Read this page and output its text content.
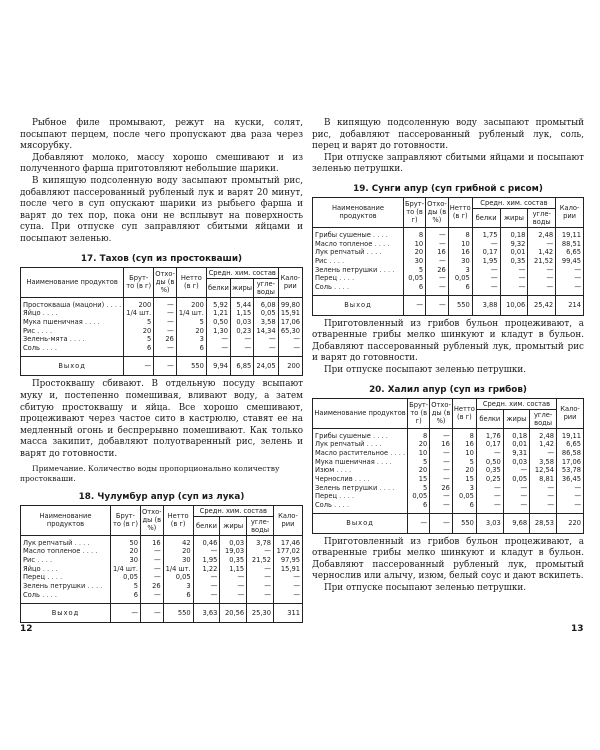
Рыбное филе промывают, режут на куски, солят, посыпают перцем, после чего пропускают два раза через мясорубку.

Добавляют молоко, массу хорошо смешивают и из полученного фарша приготовляют небольшие шарики.

В кипящую подсоленную воду засыпают промытый рис, добавляют пассерованный рубленый лук и варят 20 минут, после чего в суп опускают шарики из рыбьего фарша и варят до тех пор, пока они не всплывут на поверхность супа. При отпуске суп заправляют сбитыми яйцами и посыпают зеленью.

17. Тахов (суп из простокваши)
Наименование продуктов	Брут-то (в г)	Отхо-ды (в %)	Нетто (в г)	Средн. хим. состав			Кало-рии
				белки	жиры	угле-воды	
Простокваша (мацони) . . . .	200	—	200	5,92	5,44	6,08	99,80
Яйцо . . . .	1/4 шт.	—	1/4 шт.	1,21	1,15	0,05	15,91
Мука пшеничная . . . .	5	—	5	0,50	0,03	3,58	17,06
Рис . . . .	20	—	20	1,30	0,23	14,34	65,30
Зелень-мята . . . .	5	26	3	—	—	—	—
Соль . . . .	6	—	6	—	—	—	—
Выход	—	—	550	9,94	6,85	24,05	200

Простоквашу сбивают. В отдельную посуду всыпают муку и, постепенно помешивая, вливают воду, а затем сбитую простоквашу и яйца. Все хорошо смешивают, процеживают через частое сито в кастрюлю, ставят ее на медленный огонь и беспрерывно помешивают. Как только масса закипит, добавляют полуотваренный рис, зелень и варят до готовности.

Примечание. Количество воды пропорционально количеству простокваши.

18. Чулумбур апур (суп из лука)
Наименование продуктов	Брут-то (в г)	Отхо-ды (в %)	Нетто (в г)	Средн. хим. состав			Кало-рии
				белки	жиры	угле-воды	
Лук репчатый . . . .	50	16	42	0,46	0,03	3,78	17,46
Масло топленое . . . .	20	—	20	—	19,03	—	177,02
Рис . . . .	30	—	30	1,95	0,35	21,52	97,95
Яйцо . . . .	1/4 шт.	—	1/4 шт.	1,22	1,15	—	15,91
Перец . . . .	0,05	—	0,05	—	—	—	—
Зелень петрушки . . . .	5	26	3	—	—	—	—
Соль . . . .	6	—	6	—	—	—	—
Выход	—	—	550	3,63	20,56	25,30	311

В кипящую подсоленную воду засыпают промытый рис, добавляют пассерованный рубленый лук, соль, перец и варят до готовности.

При отпуске заправляют сбитыми яйцами и посыпают зеленью петрушки.

19. Сунги апур (суп грибной с рисом)
Наименование продуктов	Брут-то (в г)	Отхо-ды (в %)	Нетто (в г)	Средн. хим. состав			Кало-рии
				белки	жиры	угле-воды	
Грибы сушеные . . . .	8	—	8	1,75	0,18	2,48	19,11
Масло топленое . . . .	10	—	10	—	9,32	—	88,51
Лук репчатый . . . .	20	16	16	0,17	0,01	1,42	6,65
Рис . . . .	30	—	30	1,95	0,35	21,52	99,45
Зелень петрушки . . . .	5	26	3	—	—	—	—
Перец . . . .	0,05	—	0,05	—	—	—	—
Соль . . . .	6	—	6	—	—	—	—
Выход	—	—	550	3,88	10,06	25,42	214

Приготовленный из грибов бульон процеживают, а отваренные грибы мелко шинкуют и кладут в бульон. Добавляют пассерованный рубленый лук, промытый рис и варят до готовности.

При отпуске посыпают зеленью петрушки.

20. Халил апур (суп из грибов)
Наименование продуктов	Брут-то (в г)	Отхо-ды (в %)	Нетто (в г)	Средн. хим. состав			Кало-рии
				белки	жиры	угле-воды	
Грибы сушеные . . . .	8	—	8	1,76	0,18	2,48	19,11
Лук репчатый . . . .	20	16	16	0,17	0,01	1,42	6,65
Масло растительное . . . .	10	—	10	—	9,31	—	86,58
Мука пшеничная . . . .	5	—	5	0,50	0,03	3,58	17,06
Изюм . . . .	20	—	20	0,35	—	12,54	53,78
Чернослив . . . .	15	—	15	0,25	0,05	8,81	36,45
Зелень петрушки . . . .	5	26	3	—	—	—	—
Перец . . . .	0,05	—	0,05	—	—	—	—
Соль . . . .	6	—	6	—	—	—	—
Выход	—	—	550	3,03	9,68	28,53	220

Приготовленный из грибов бульон процеживают, а отваренные грибы мелко шинкуют и кладут в бульон. Добавляют пассерованный рубленый лук, промытый чернослив или алычу, изюм, белый соус и дают вскипеть.

При отпуске посыпают зеленью петрушки.

12	13
